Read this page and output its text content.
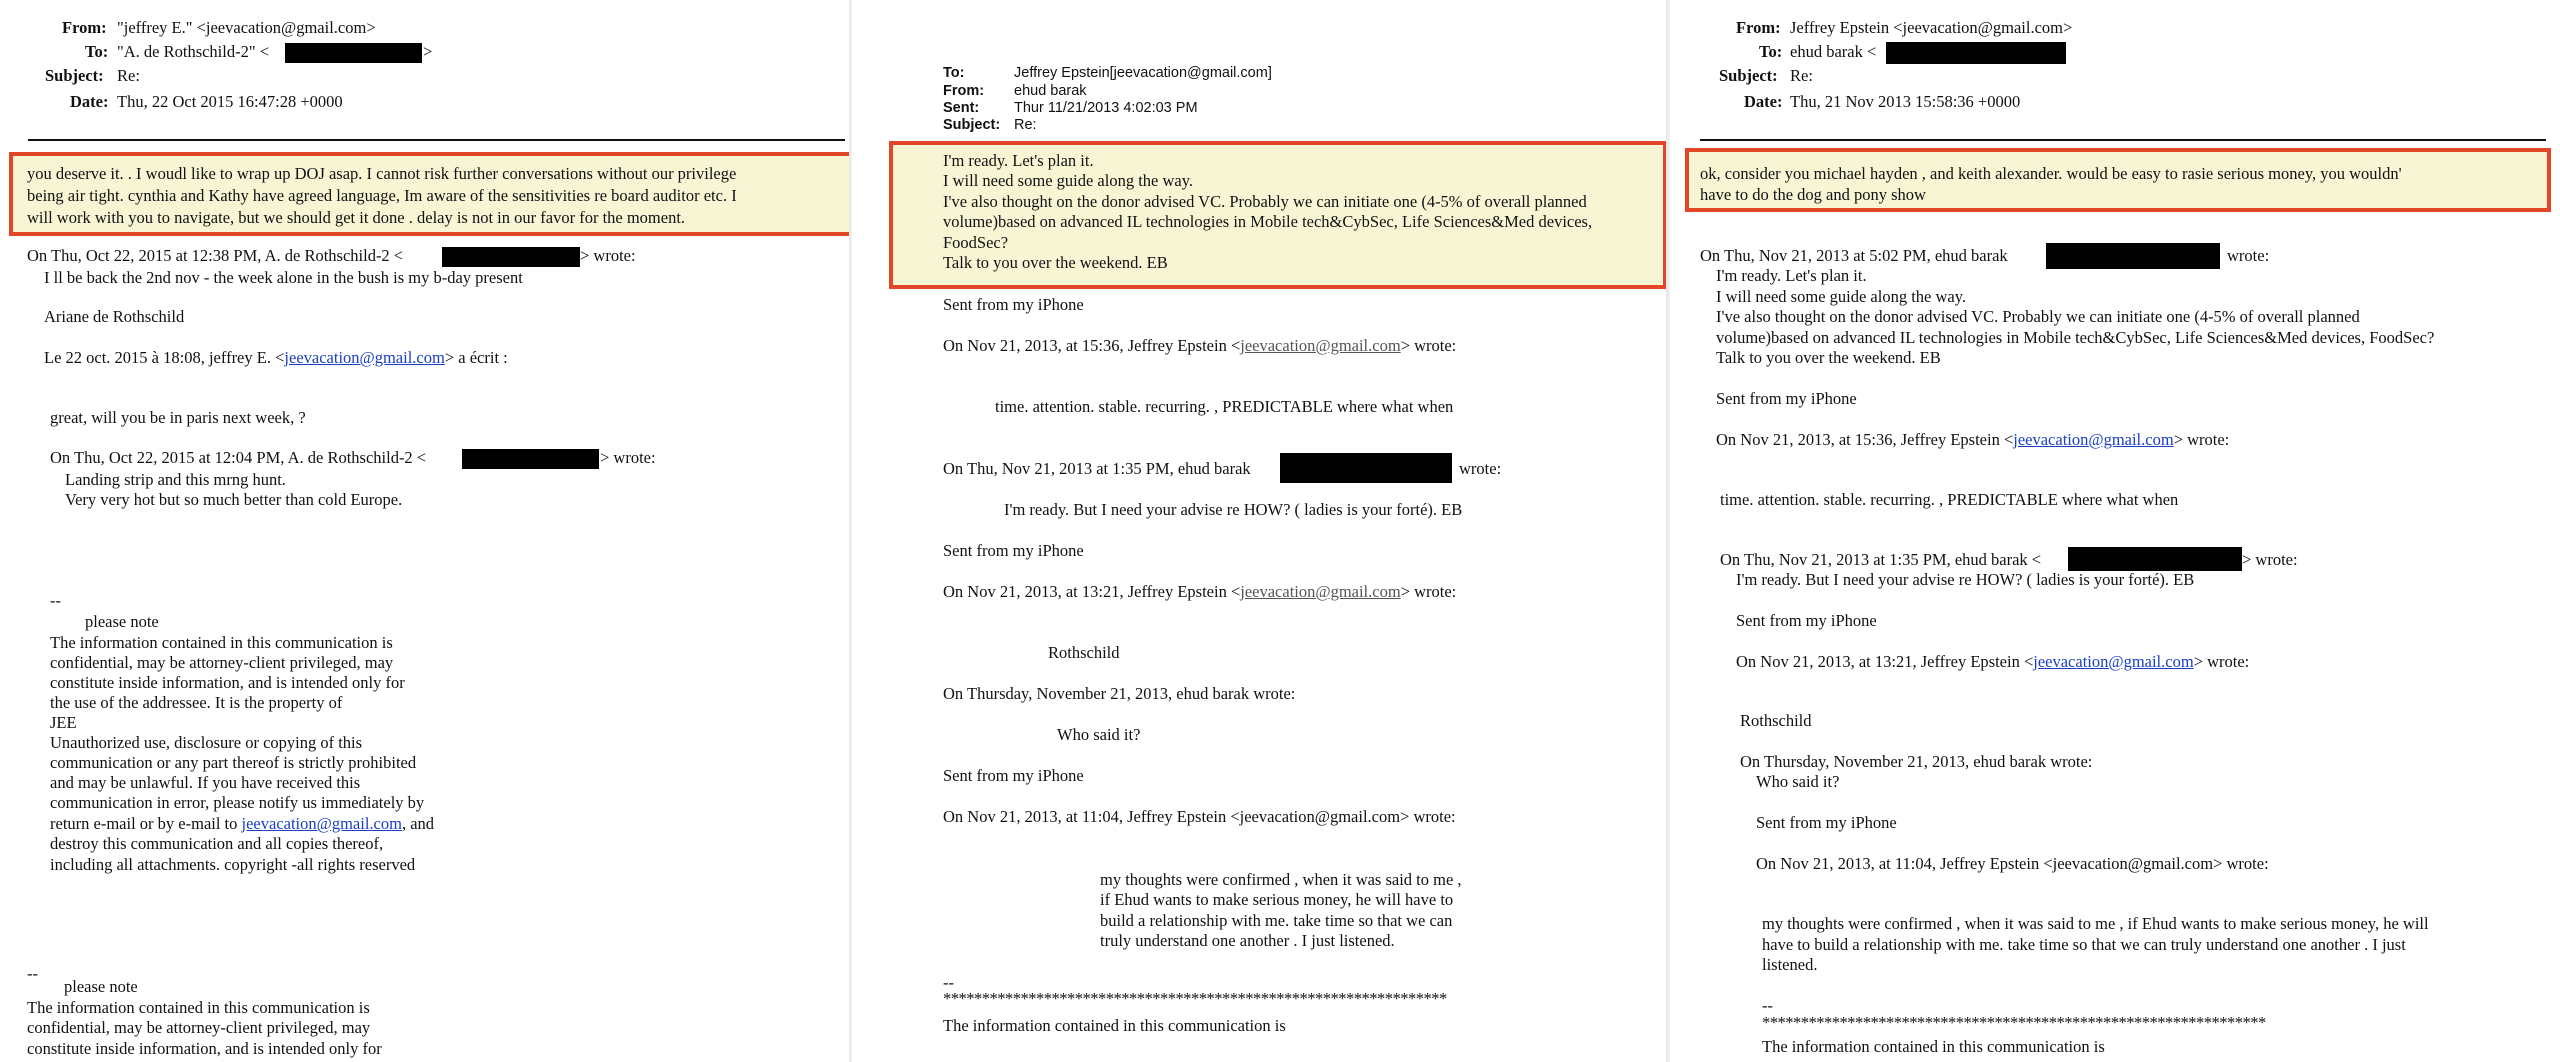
From: "jeffrey E." <jeevacation@gmail.com>
To: "A. de Rothschild-2" <	>
Subject: Re:
Date: Thu, 22 Oct 2015 16:47:28 +0000
you deserve it. . I woudl like to wrap up DOJ asap. I cannot risk further conversations without our privilege
being air tight. cynthia and Kathy have agreed language, Im aware of the sensitivities re board auditor etc. I
will work with you to navigate, but we should get it done . delay is not in our favor for the moment.
On Thu, Oct 22, 2015 at 12:38 PM, A. de Rothschild-2 <	> wrote:
I ll be back the 2nd nov - the week alone in the bush is my b-day present
Ariane de Rothschild
Le 22 oct. 2015 à 18:08, jeffrey E. <jeevacation@gmail.com> a écrit :
great, will you be in paris next week, ?
On Thu, Oct 22, 2015 at 12:04 PM, A. de Rothschild-2 <	> wrote:
Landing strip and this mrng hunt.
Very very hot but so much better than cold Europe.
--
please note
The information contained in this communication is
confidential, may be attorney-client privileged, may
constitute inside information, and is intended only for
the use of the addressee. It is the property of
JEE
Unauthorized use, disclosure or copying of this
communication or any part thereof is strictly prohibited
and may be unlawful. If you have received this
communication in error, please notify us immediately by
return e-mail or by e-mail to jeevacation@gmail.com, and
destroy this communication and all copies thereof,
including all attachments. copyright -all rights reserved
--
please note
The information contained in this communication is
confidential, may be attorney-client privileged, may
constitute inside information, and is intended only for
To:	Jeffrey Epstein[jeevacation@gmail.com]
From: ehud barak
Sent: Thur 11/21/2013 4:02:03 PM
Subject: Re:
I'm ready. Let's plan it.
I will need some guide along the way.
I've also thought on the donor advised VC. Probably we can initiate one (4-5% of overall planned
volume)based on advanced IL technologies in Mobile tech&CybSec, Life Sciences&Med devices,
FoodSec?
Talk to you over the weekend. EB
Sent from my iPhone
On Nov 21, 2013, at 15:36, Jeffrey Epstein <jeevacation@gmail.com> wrote:
time. attention. stable. recurring. , PREDICTABLE where what when
On Thu, Nov 21, 2013 at 1:35 PM, ehud barak	wrote:
I'm ready. But I need your advise re HOW? ( ladies is your forté). EB
Sent from my iPhone
On Nov 21, 2013, at 13:21, Jeffrey Epstein <jeevacation@gmail.com> wrote:
Rothschild
On Thursday, November 21, 2013, ehud barak wrote:
Who said it?
Sent from my iPhone
On Nov 21, 2013, at 11:04, Jeffrey Epstein <jeevacation@gmail.com> wrote:
my thoughts were confirmed , when it was said to me ,
if Ehud wants to make serious money, he will have to
build a relationship with me. take time so that we can
truly understand one another . I just listened.
--
*****************************************************************
The information contained in this communication is
From: Jeffrey Epstein <jeevacation@gmail.com>
To: ehud barak <
Subject: Re:
Date: Thu, 21 Nov 2013 15:58:36 +0000
ok, consider you michael hayden , and keith alexander. would be easy to rasie serious money, you wouldn'
have to do the dog and pony show
On Thu, Nov 21, 2013 at 5:02 PM, ehud barak	wrote:
I'm ready. Let's plan it.
I will need some guide along the way.
I've also thought on the donor advised VC. Probably we can initiate one (4-5% of overall planned
volume)based on advanced IL technologies in Mobile tech&CybSec, Life Sciences&Med devices, FoodSec?
Talk to you over the weekend. EB
Sent from my iPhone
On Nov 21, 2013, at 15:36, Jeffrey Epstein <jeevacation@gmail.com> wrote:
time. attention. stable. recurring. , PREDICTABLE where what when
On Thu, Nov 21, 2013 at 1:35 PM, ehud barak <	> wrote:
I'm ready. But I need your advise re HOW? ( ladies is your forté). EB
Sent from my iPhone
On Nov 21, 2013, at 13:21, Jeffrey Epstein <jeevacation@gmail.com> wrote:
Rothschild
On Thursday, November 21, 2013, ehud barak wrote:
Who said it?
Sent from my iPhone
On Nov 21, 2013, at 11:04, Jeffrey Epstein <jeevacation@gmail.com> wrote:
my thoughts were confirmed , when it was said to me , if Ehud wants to make serious money, he will
have to build a relationship with me. take time so that we can truly understand one another . I just
listened.
--
*****************************************************************
The information contained in this communication is
